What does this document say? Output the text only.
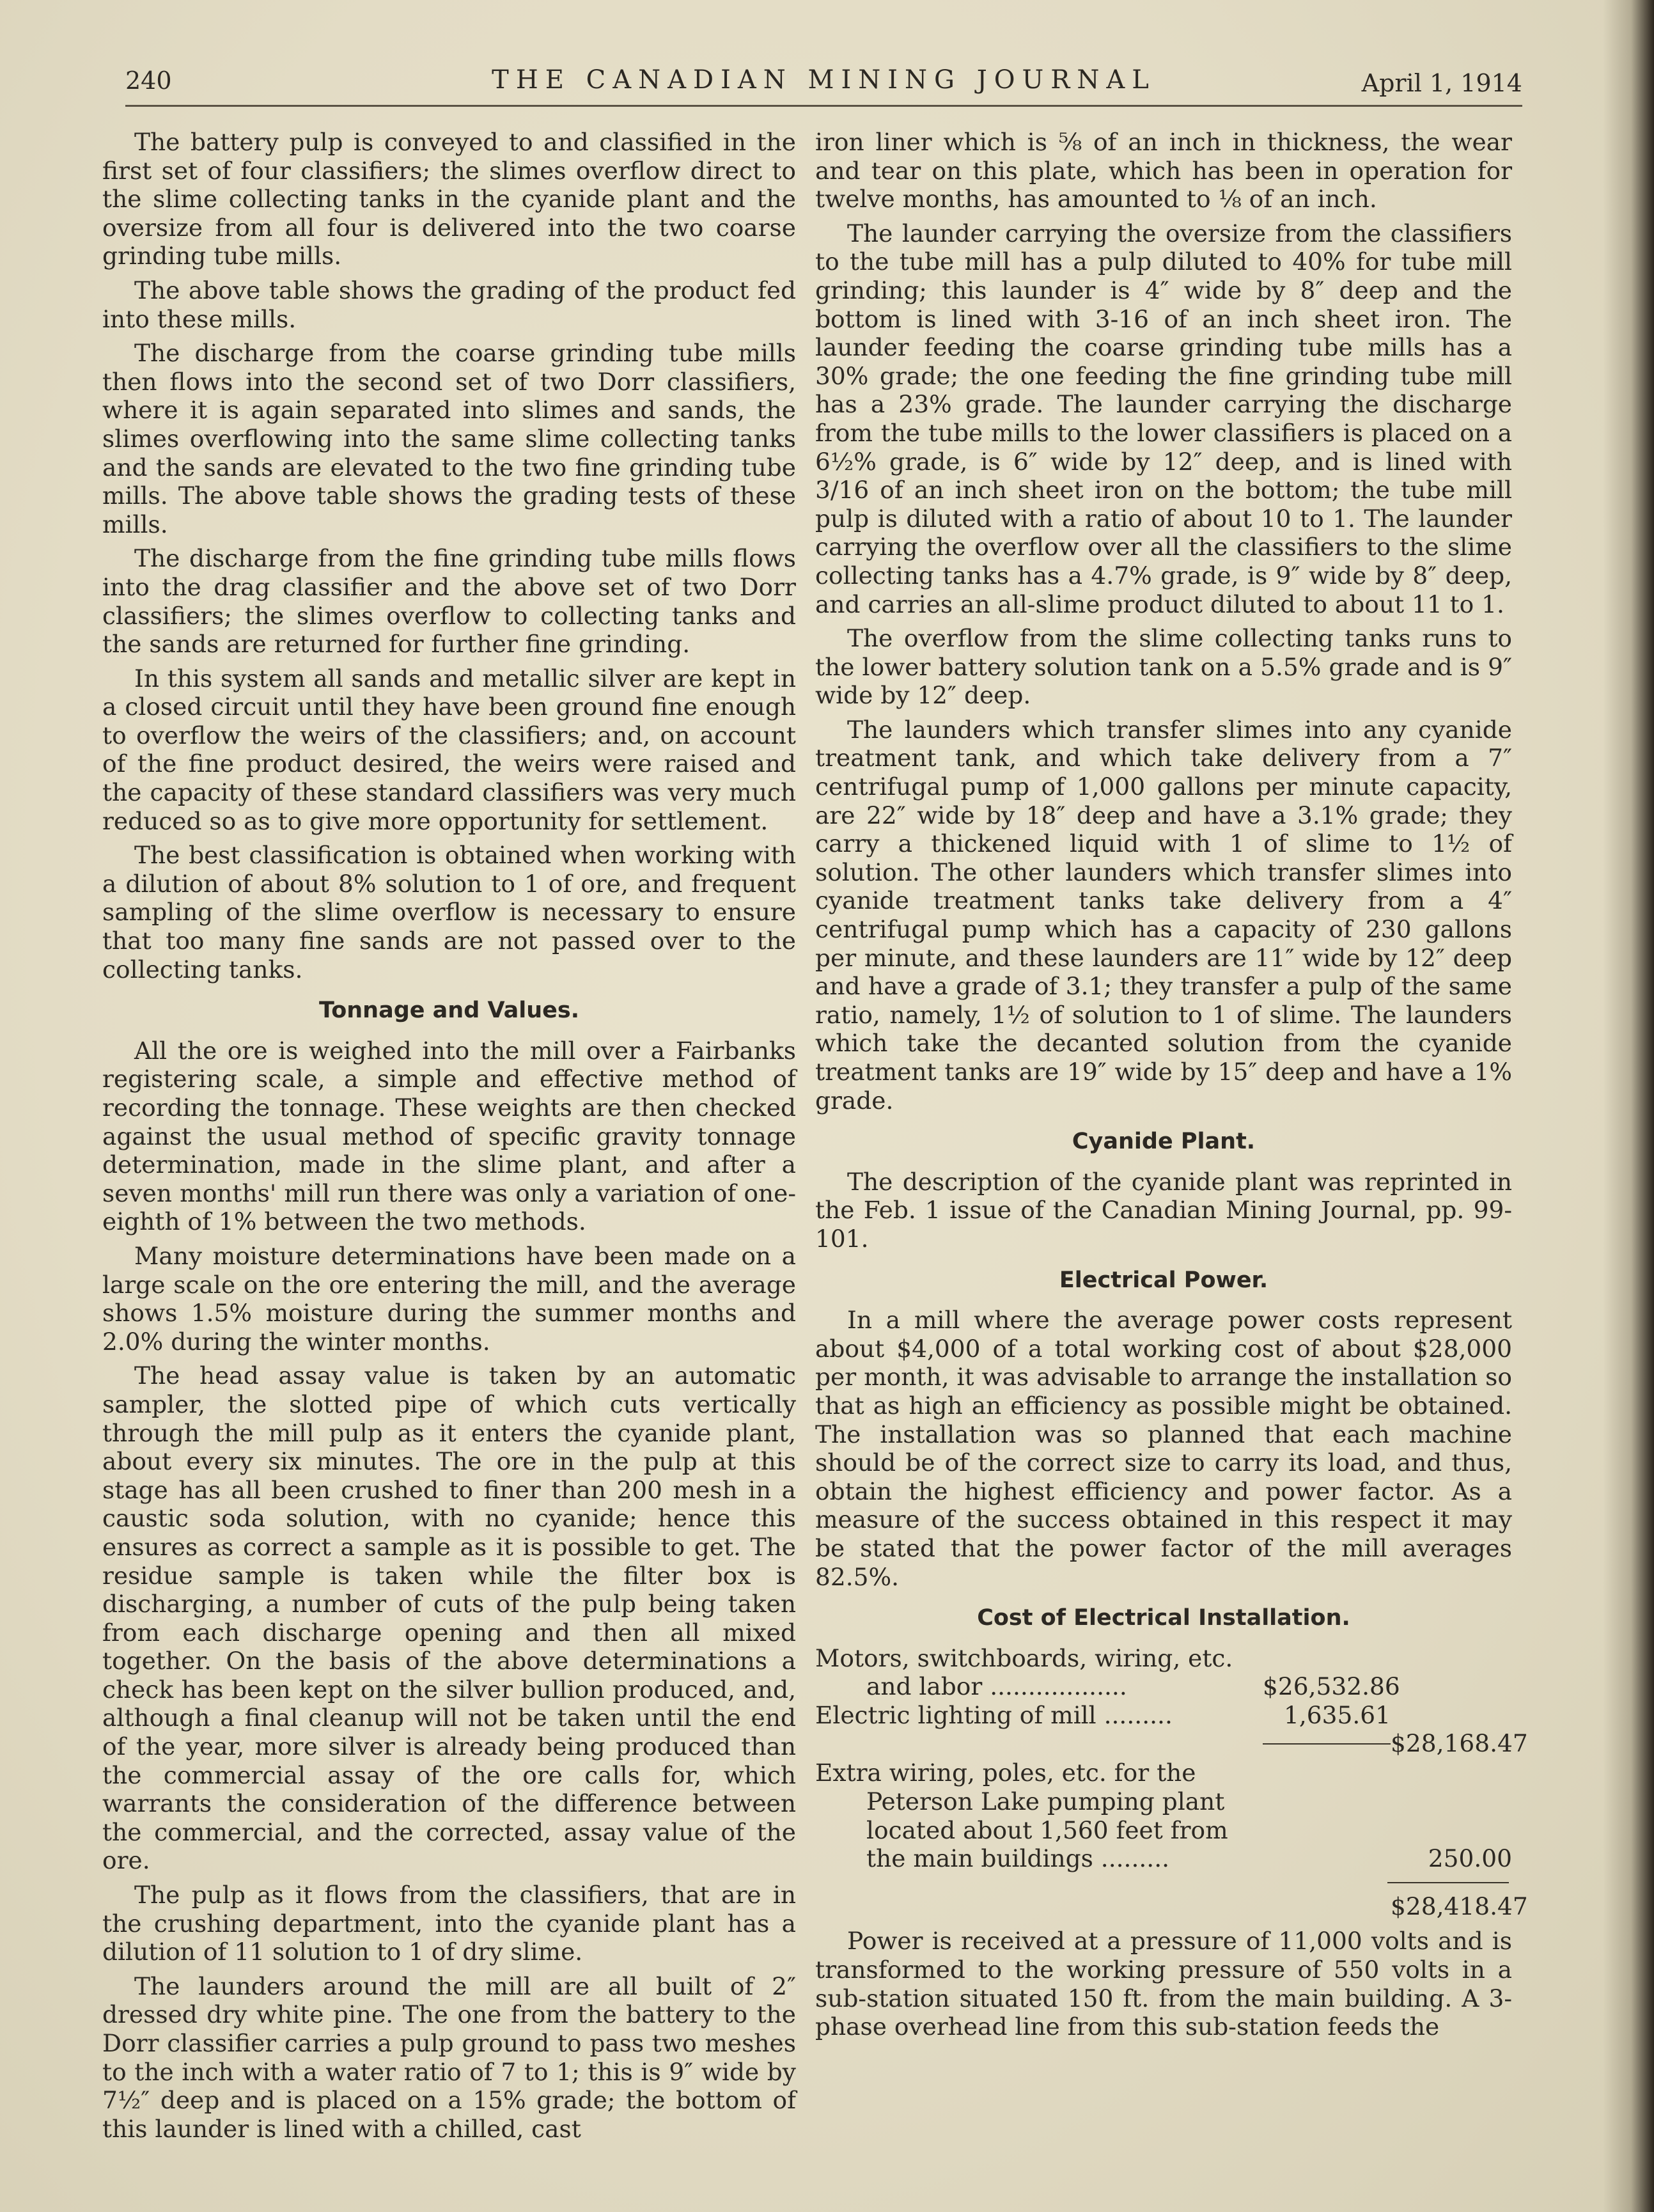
240	THE CANADIAN MINING JOURNAL	April 1, 1914

The battery pulp is conveyed to and classified in the first set of four classifiers; the slimes overflow direct to the slime collecting tanks in the cyanide plant and the oversize from all four is delivered into the two coarse grinding tube mills.

The above table shows the grading of the product fed into these mills.

The discharge from the coarse grinding tube mills then flows into the second set of two Dorr classifiers, where it is again separated into slimes and sands, the slimes overflowing into the same slime collecting tanks and the sands are elevated to the two fine grinding tube mills. The above table shows the grading tests of these mills.

The discharge from the fine grinding tube mills flows into the drag classifier and the above set of two Dorr classifiers; the slimes overflow to collecting tanks and the sands are returned for further fine grinding.

In this system all sands and metallic silver are kept in a closed circuit until they have been ground fine enough to overflow the weirs of the classifiers; and, on account of the fine product desired, the weirs were raised and the capacity of these standard classifiers was very much reduced so as to give more opportunity for settlement.

The best classification is obtained when working with a dilution of about 8% solution to 1 of ore, and frequent sampling of the slime overflow is necessary to ensure that too many fine sands are not passed over to the collecting tanks.

Tonnage and Values.

All the ore is weighed into the mill over a Fairbanks registering scale, a simple and effective method of recording the tonnage. These weights are then checked against the usual method of specific gravity tonnage determination, made in the slime plant, and after a seven months' mill run there was only a variation of one-eighth of 1% between the two methods.

Many moisture determinations have been made on a large scale on the ore entering the mill, and the average shows 1.5% moisture during the summer months and 2.0% during the winter months.

The head assay value is taken by an automatic sampler, the slotted pipe of which cuts vertically through the mill pulp as it enters the cyanide plant, about every six minutes. The ore in the pulp at this stage has all been crushed to finer than 200 mesh in a caustic soda solution, with no cyanide; hence this ensures as correct a sample as it is possible to get. The residue sample is taken while the filter box is discharging, a number of cuts of the pulp being taken from each discharge opening and then all mixed together. On the basis of the above determinations a check has been kept on the silver bullion produced, and, although a final cleanup will not be taken until the end of the year, more silver is already being produced than the commercial assay of the ore calls for, which warrants the consideration of the difference between the commercial, and the corrected, assay value of the ore.

The pulp as it flows from the classifiers, that are in the crushing department, into the cyanide plant has a dilution of 11 solution to 1 of dry slime.

The launders around the mill are all built of 2″ dressed dry white pine. The one from the battery to the Dorr classifier carries a pulp ground to pass two meshes to the inch with a water ratio of 7 to 1; this is 9″ wide by 7½″ deep and is placed on a 15% grade; the bottom of this launder is lined with a chilled, cast

iron liner which is ⅝ of an inch in thickness, the wear and tear on this plate, which has been in operation for twelve months, has amounted to ⅛ of an inch.

The launder carrying the oversize from the classifiers to the tube mill has a pulp diluted to 40% for tube mill grinding; this launder is 4″ wide by 8″ deep and the bottom is lined with 3-16 of an inch sheet iron. The launder feeding the coarse grinding tube mills has a 30% grade; the one feeding the fine grinding tube mill has a 23% grade. The launder carrying the discharge from the tube mills to the lower classifiers is placed on a 6½% grade, is 6″ wide by 12″ deep, and is lined with 3/16 of an inch sheet iron on the bottom; the tube mill pulp is diluted with a ratio of about 10 to 1. The launder carrying the overflow over all the classifiers to the slime collecting tanks has a 4.7% grade, is 9″ wide by 8″ deep, and carries an all-slime product diluted to about 11 to 1.

The overflow from the slime collecting tanks runs to the lower battery solution tank on a 5.5% grade and is 9″ wide by 12″ deep.

The launders which transfer slimes into any cyanide treatment tank, and which take delivery from a 7″ centrifugal pump of 1,000 gallons per minute capacity, are 22″ wide by 18″ deep and have a 3.1% grade; they carry a thickened liquid with 1 of slime to 1½ of solution. The other launders which transfer slimes into cyanide treatment tanks take delivery from a 4″ centrifugal pump which has a capacity of 230 gallons per minute, and these launders are 11″ wide by 12″ deep and have a grade of 3.1; they transfer a pulp of the same ratio, namely, 1½ of solution to 1 of slime. The launders which take the decanted solution from the cyanide treatment tanks are 19″ wide by 15″ deep and have a 1% grade.

Cyanide Plant.

The description of the cyanide plant was reprinted in the Feb. 1 issue of the Canadian Mining Journal, pp. 99-101.

Electrical Power.

In a mill where the average power costs represent about $4,000 of a total working cost of about $28,000 per month, it was advisable to arrange the installation so that as high an efficiency as possible might be obtained. The installation was so planned that each machine should be of the correct size to carry its load, and thus, obtain the highest efficiency and power factor. As a measure of the success obtained in this respect it may be stated that the power factor of the mill averages 82.5%.

Cost of Electrical Installation.
Motors, switchboards, wiring, etc.
and labor ..................	$26,532.86
Electric lighting of mill .........	1,635.61
$28,168.47
Extra wiring, poles, etc. for the
Peterson Lake pumping plant
located about 1,560 feet from
the main buildings .........	250.00
$28,418.47

Power is received at a pressure of 11,000 volts and is transformed to the working pressure of 550 volts in a sub-station situated 150 ft. from the main building. A 3-phase overhead line from this sub-station feeds the
